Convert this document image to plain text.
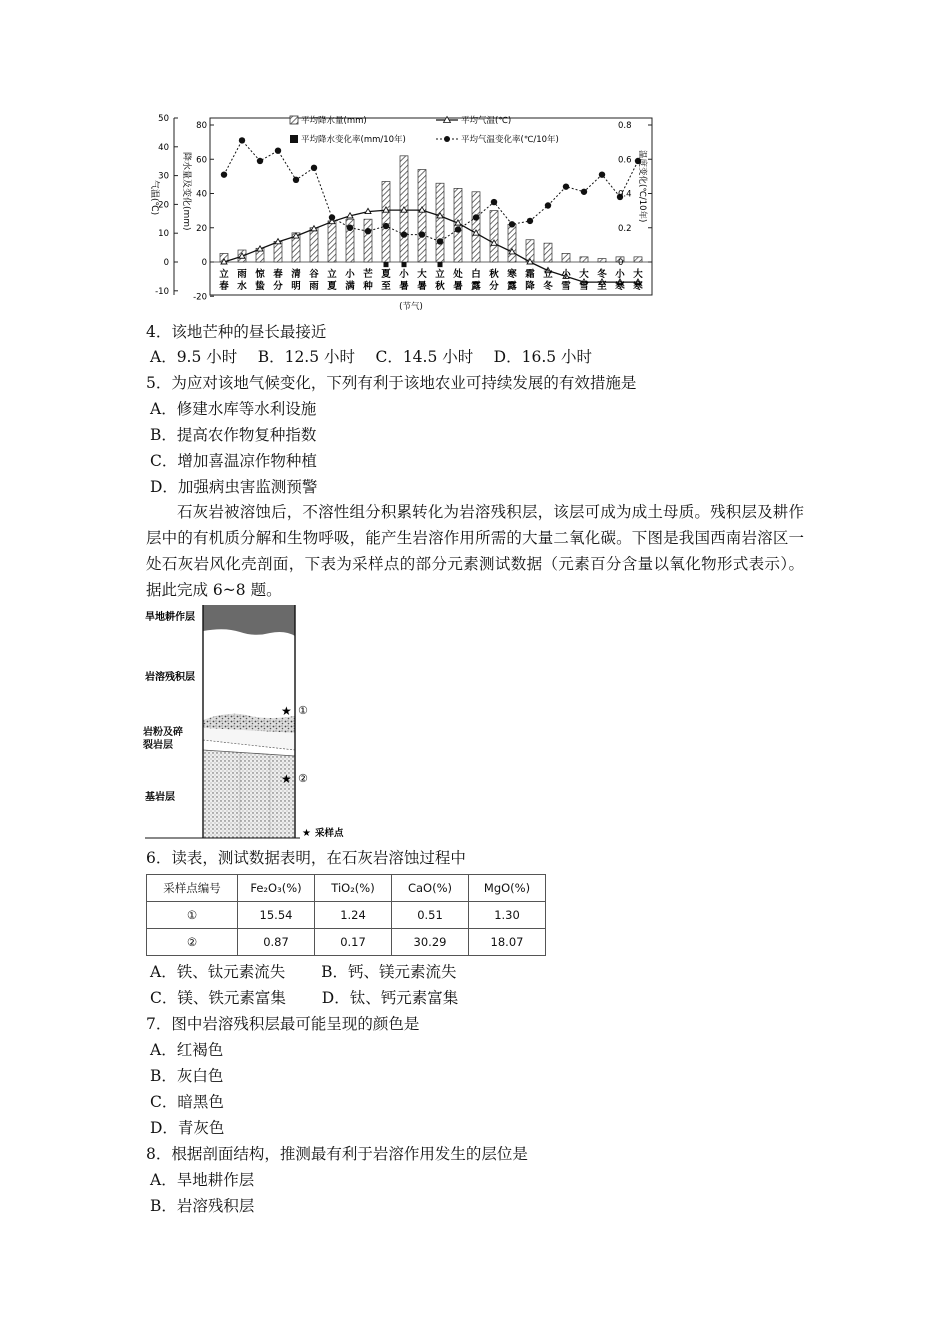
50
40
30
20
10
0
-10
80
60
40
20
0
-20
0.8
0.6
0.4
0.2
0
气温(℃) 降水量及变化(mm)	温度变化(℃/10年)
立
春
雨
水
惊
蛰
春
分
清
明
谷
雨
立
夏
小
满
芒
种
夏
至
小
暑
大
暑
立
秋
处
暑
白
露
秋
分
寒
露
霜
降
立
冬
小
雪
大
雪
冬
至
小
寒
大
寒
(节气)
平均降水量(mm)	平均气温(℃)
平均降水变化率(mm/10年)	平均气温变化率(℃/10年)
4．该地芒种的昼长最接近
A．9.5 小时　 B．12.5 小时　 C．14.5 小时　 D．16.5 小时
5．为应对该地气候变化，下列有利于该地农业可持续发展的有效措施是
A．修建水库等水利设施
B．提高农作物复种指数
C．增加喜温凉作物种植
D．加强病虫害监测预警
石灰岩被溶蚀后，不溶性组分积累转化为岩溶残积层，该层可成为成土母质。残积层及耕作层中的有机质分解和生物呼吸，能产生岩溶作用所需的大量二氧化碳。下图是我国西南岩溶区一处石灰岩风化壳剖面，下表为采样点的部分元素测试数据（元素百分含量以氧化物形式表示）。据此完成 6~8 题。
旱地耕作层
岩溶残积层
岩粉及碎裂岩层
基岩层
★ ①
★ ②
★ 采样点
6．读表，测试数据表明，在石灰岩溶蚀过程中
采样点编号	Fe₂O₃(%)	TiO₂(%)	CaO(%)	MgO(%)
①	15.54	1.24	0.51	1.30
②	0.87	0.17	30.29	18.07
A．铁、钛元素流失　　 B．钙、镁元素流失
C．镁、铁元素富集　　 D．钛、钙元素富集
7．图中岩溶残积层最可能呈现的颜色是
A．红褐色
B．灰白色
C．暗黑色
D．青灰色
8．根据剖面结构，推测最有利于岩溶作用发生的层位是
A．旱地耕作层
B．岩溶残积层
